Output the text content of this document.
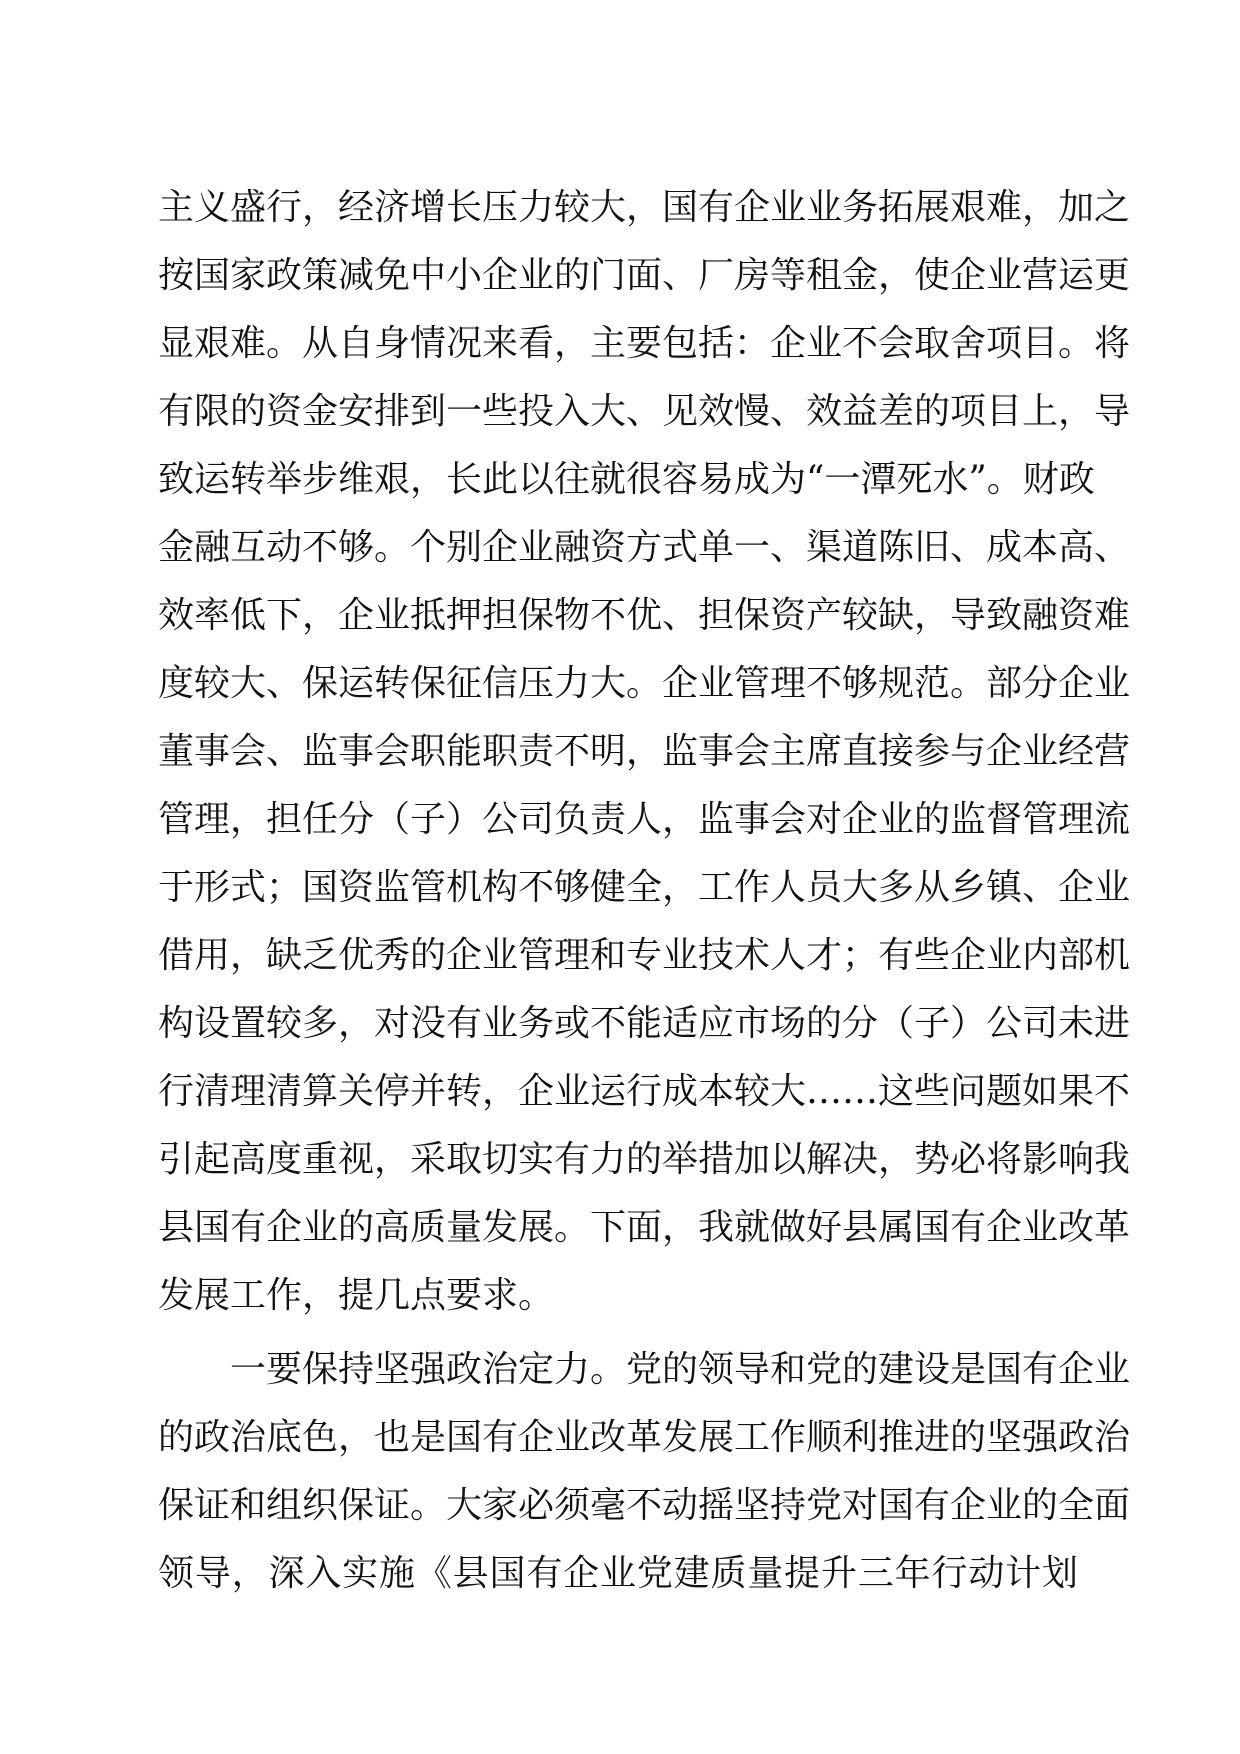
主义盛行，经济增长压力较大，国有企业业务拓展艰难，加之
按国家政策减免中小企业的门面、厂房等租金，使企业营运更
显艰难。从自身情况来看，主要包括：企业不会取舍项目。将
有限的资金安排到一些投入大、见效慢、效益差的项目上，导
致运转举步维艰，长此以往就很容易成为“一潭死水”。财政
金融互动不够。个别企业融资方式单一、渠道陈旧、成本高、
效率低下，企业抵押担保物不优、担保资产较缺，导致融资难
度较大、保运转保征信压力大。企业管理不够规范。部分企业
董事会、监事会职能职责不明，监事会主席直接参与企业经营
管理，担任分（子）公司负责人，监事会对企业的监督管理流
于形式；国资监管机构不够健全，工作人员大多从乡镇、企业
借用，缺乏优秀的企业管理和专业技术人才；有些企业内部机
构设置较多，对没有业务或不能适应市场的分（子）公司未进
行清理清算关停并转，企业运行成本较大……这些问题如果不
引起高度重视，采取切实有力的举措加以解决，势必将影响我
县国有企业的高质量发展。下面，我就做好县属国有企业改革
发展工作，提几点要求。
一要保持坚强政治定力。党的领导和党的建设是国有企业
的政治底色，也是国有企业改革发展工作顺利推进的坚强政治
保证和组织保证。大家必须毫不动摇坚持党对国有企业的全面
领导，深入实施《县国有企业党建质量提升三年行动计划
